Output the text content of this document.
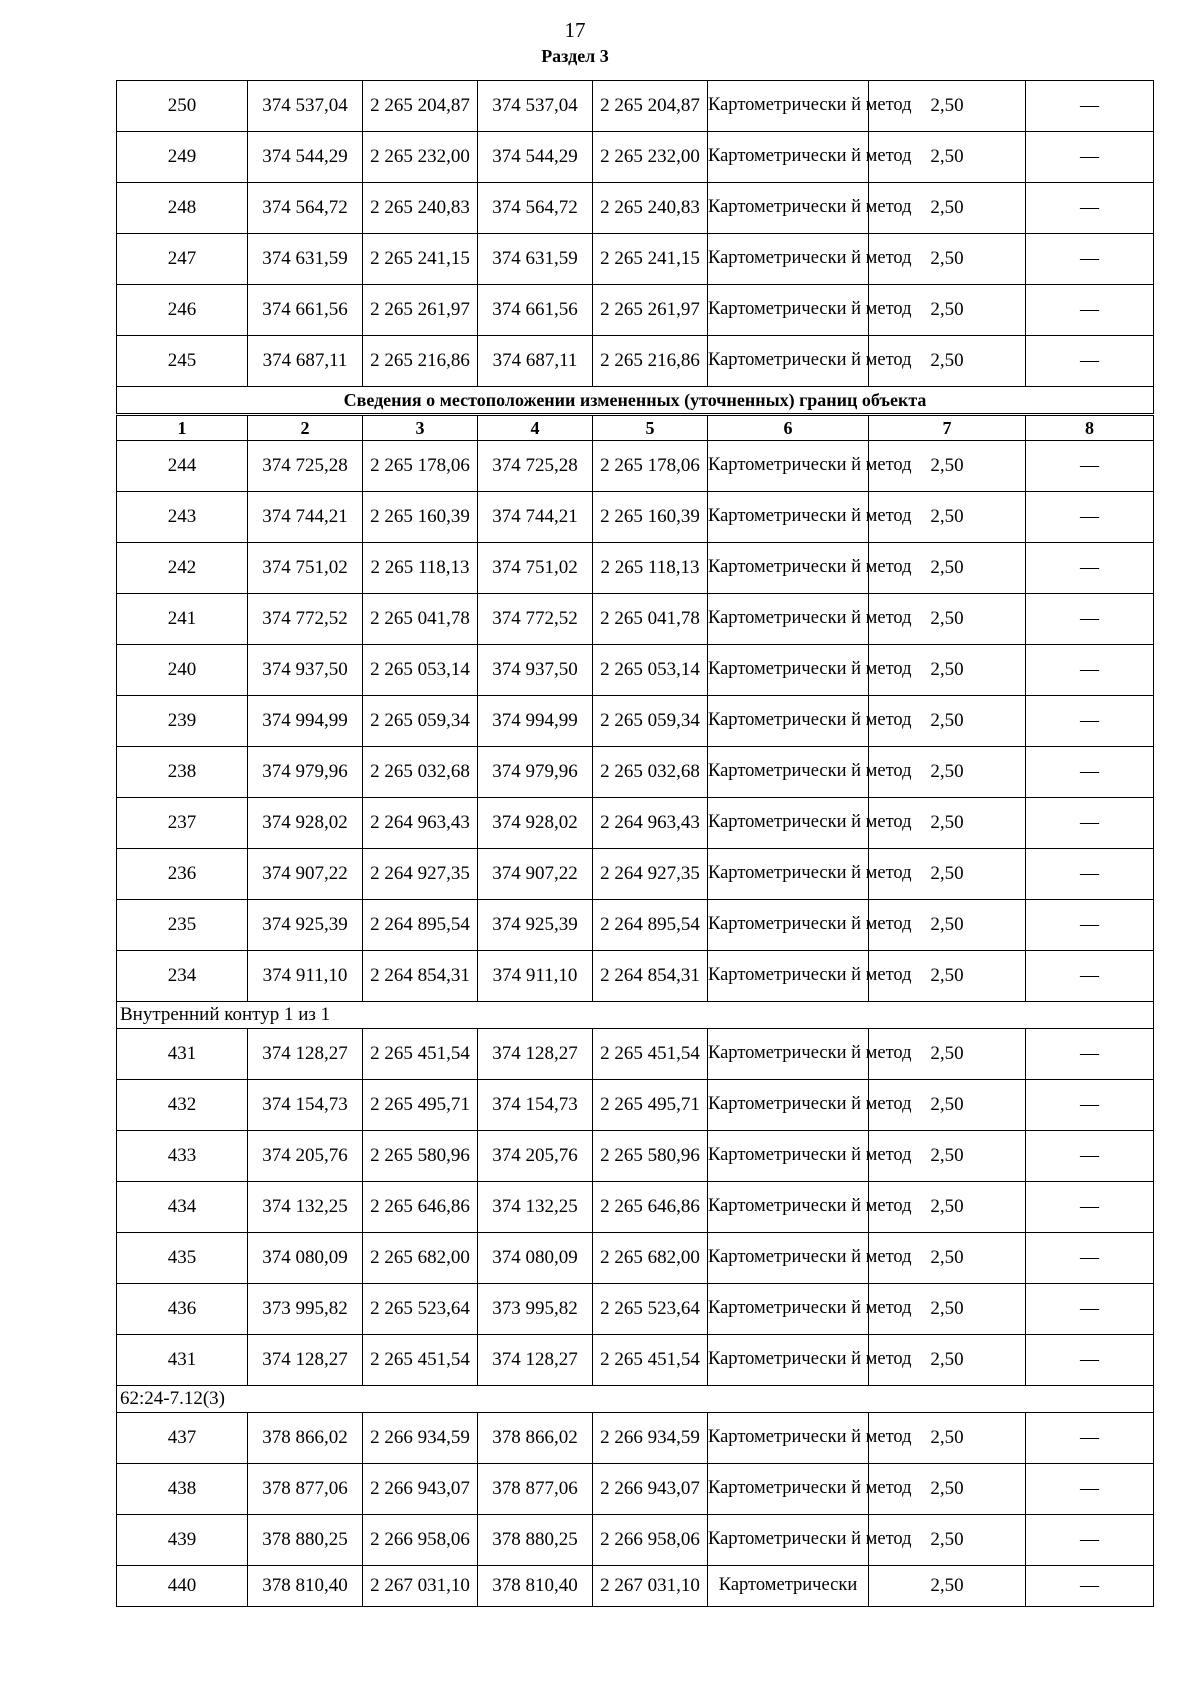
17
Раздел 3
250	374 537,04	2 265 204,87	374 537,04	2 265 204,87	Картометрически й метод	2,50	—
249	374 544,29	2 265 232,00	374 544,29	2 265 232,00	Картометрически й метод	2,50	—
248	374 564,72	2 265 240,83	374 564,72	2 265 240,83	Картометрически й метод	2,50	—
247	374 631,59	2 265 241,15	374 631,59	2 265 241,15	Картометрически й метод	2,50	—
246	374 661,56	2 265 261,97	374 661,56	2 265 261,97	Картометрически й метод	2,50	—
245	374 687,11	2 265 216,86	374 687,11	2 265 216,86	Картометрически й метод	2,50	—
Сведения о местоположении измененных (уточненных) границ объекта							
1	2	3	4	5	6	7	8
244	374 725,28	2 265 178,06	374 725,28	2 265 178,06	Картометрически й метод	2,50	—
243	374 744,21	2 265 160,39	374 744,21	2 265 160,39	Картометрически й метод	2,50	—
242	374 751,02	2 265 118,13	374 751,02	2 265 118,13	Картометрически й метод	2,50	—
241	374 772,52	2 265 041,78	374 772,52	2 265 041,78	Картометрически й метод	2,50	—
240	374 937,50	2 265 053,14	374 937,50	2 265 053,14	Картометрически й метод	2,50	—
239	374 994,99	2 265 059,34	374 994,99	2 265 059,34	Картометрически й метод	2,50	—
238	374 979,96	2 265 032,68	374 979,96	2 265 032,68	Картометрически й метод	2,50	—
237	374 928,02	2 264 963,43	374 928,02	2 264 963,43	Картометрически й метод	2,50	—
236	374 907,22	2 264 927,35	374 907,22	2 264 927,35	Картометрически й метод	2,50	—
235	374 925,39	2 264 895,54	374 925,39	2 264 895,54	Картометрически й метод	2,50	—
234	374 911,10	2 264 854,31	374 911,10	2 264 854,31	Картометрически й метод	2,50	—
Внутренний контур 1 из 1							
431	374 128,27	2 265 451,54	374 128,27	2 265 451,54	Картометрически й метод	2,50	—
432	374 154,73	2 265 495,71	374 154,73	2 265 495,71	Картометрически й метод	2,50	—
433	374 205,76	2 265 580,96	374 205,76	2 265 580,96	Картометрически й метод	2,50	—
434	374 132,25	2 265 646,86	374 132,25	2 265 646,86	Картометрически й метод	2,50	—
435	374 080,09	2 265 682,00	374 080,09	2 265 682,00	Картометрически й метод	2,50	—
436	373 995,82	2 265 523,64	373 995,82	2 265 523,64	Картометрически й метод	2,50	—
431	374 128,27	2 265 451,54	374 128,27	2 265 451,54	Картометрически й метод	2,50	—
62:24-7.12(3)							
437	378 866,02	2 266 934,59	378 866,02	2 266 934,59	Картометрически й метод	2,50	—
438	378 877,06	2 266 943,07	378 877,06	2 266 943,07	Картометрически й метод	2,50	—
439	378 880,25	2 266 958,06	378 880,25	2 266 958,06	Картометрически й метод	2,50	—
440	378 810,40	2 267 031,10	378 810,40	2 267 031,10	Картометрически	2,50	—
